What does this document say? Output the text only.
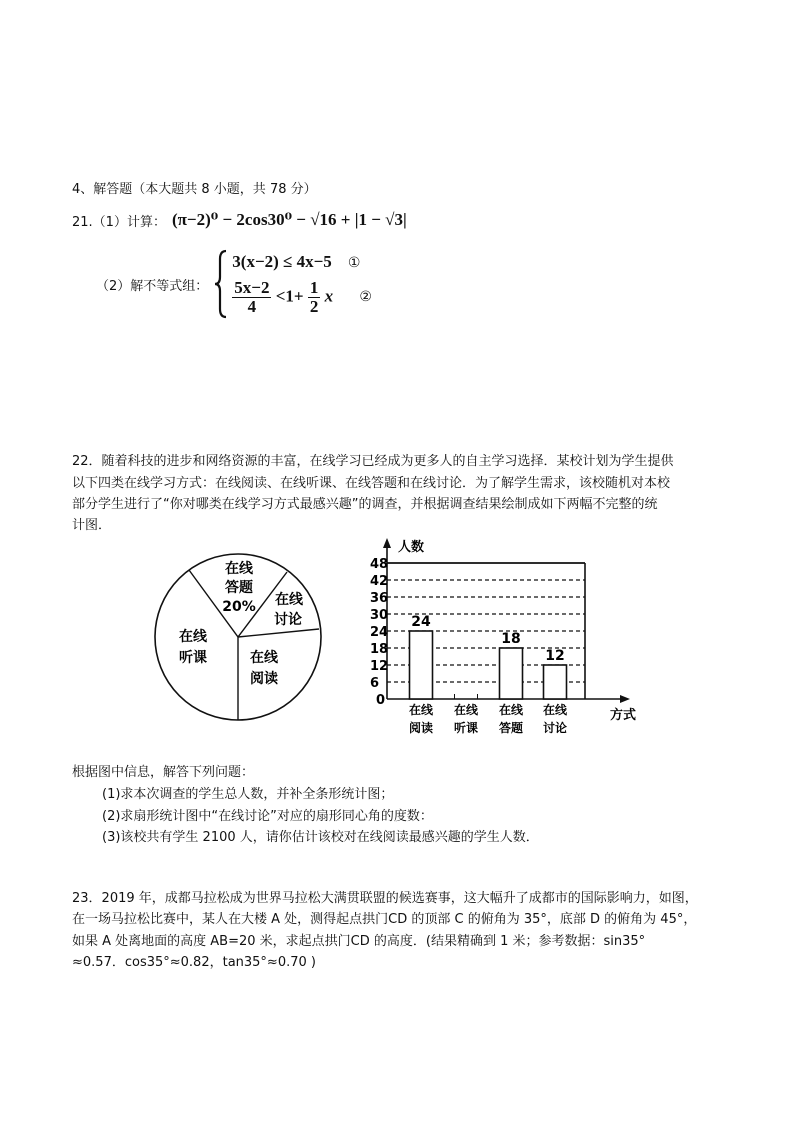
4、解答题（本大题共 8 小题，共 78 分）
21.（1）计算： (π−2)⁰ − 2cos30⁰ − √16 + |1 − √3|
（2）解不等式组：
3(x−2) ≤ 4x−5 ①
$\frac{5x-2}{4} <1+ \frac{1}{2}$ x ②
22．随着科技的进步和网络资源的丰富，在线学习已经成为更多人的自主学习选择．某校计划为学生提供
以下四类在线学习方式：在线阅读、在线听课、在线答题和在线讨论．为了解学生需求，该校随机对本校
部分学生进行了“你对哪类在线学习方式最感兴趣”的调查，并根据调查结果绘制成如下两幅不完整的统
计图．
在线
答题
20% 在线
讨论
在线
阅读
在线
听课
人数
方式
0
6
12
18
24
30
36
42
48
24
在线
阅读
在线
听课
18
在线
答题
12
在线
讨论
根据图中信息，解答下列问题：
(1)求本次调查的学生总人数，并补全条形统计图；
(2)求扇形统计图中“在线讨论”对应的扇形同心角的度数：
(3)该校共有学生 2100 人，请你估计该校对在线阅读最感兴趣的学生人数．
23．2019 年，成都马拉松成为世界马拉松大满贯联盟的候选赛事，这大幅升了成都市的国际影响力，如图，
在一场马拉松比赛中，某人在大楼 A 处，测得起点拱门CD 的顶部 C 的俯角为 35°，底部 D 的俯角为 45°，
如果 A 处离地面的高度 AB=20 米，求起点拱门CD 的高度．(结果精确到 1 米；参考数据：sin35°
≈0.57．cos35°≈0.82，tan35°≈0.70 )
